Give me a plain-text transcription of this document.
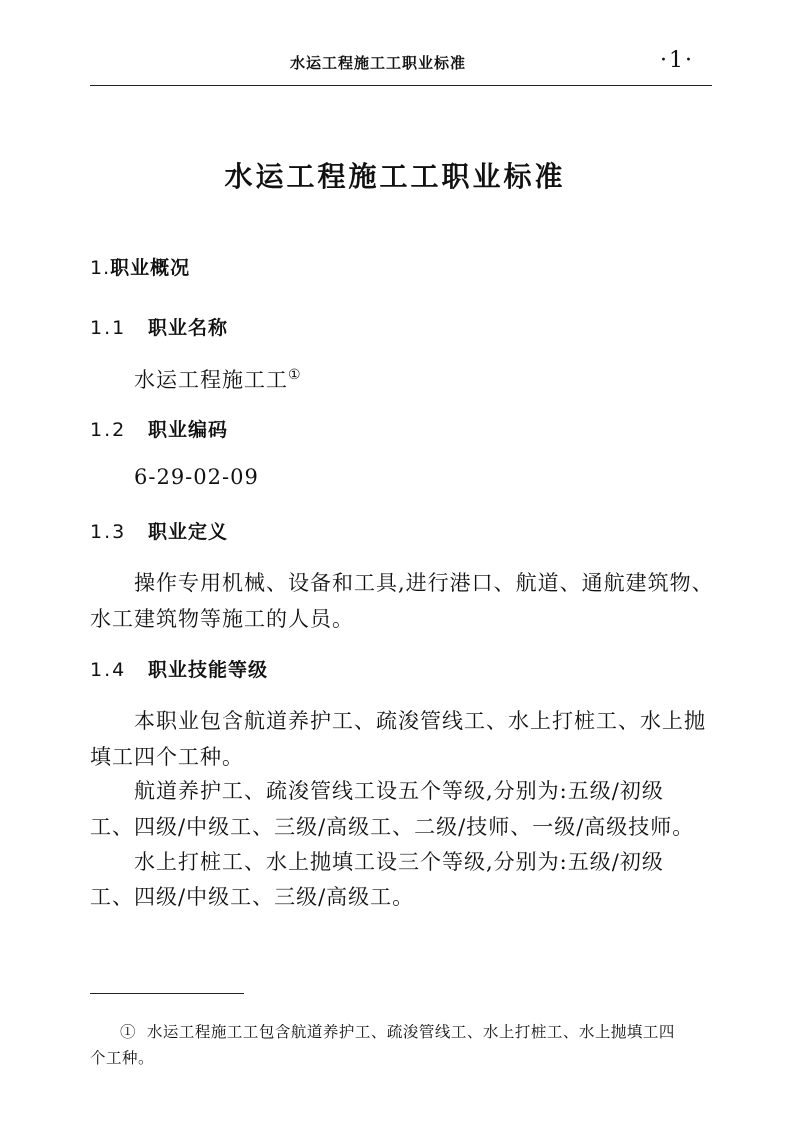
水运工程施工工职业标准	·1·
水运工程施工工职业标准
1.职业概况
1.1 职业名称
水运工程施工工①
1.2 职业编码
6-29-02-09
1.3 职业定义
操作专用机械、设备和工具,进行港口、航道、通航建筑物、
水工建筑物等施工的人员。
1.4 职业技能等级
本职业包含航道养护工、疏浚管线工、水上打桩工、水上抛
填工四个工种。
航道养护工、疏浚管线工设五个等级,分别为:五级/初级
工、四级/中级工、三级/高级工、二级/技师、一级/高级技师。
水上打桩工、水上抛填工设三个等级,分别为:五级/初级
工、四级/中级工、三级/高级工。
① 水运工程施工工包含航道养护工、疏浚管线工、水上打桩工、水上抛填工四
个工种。
